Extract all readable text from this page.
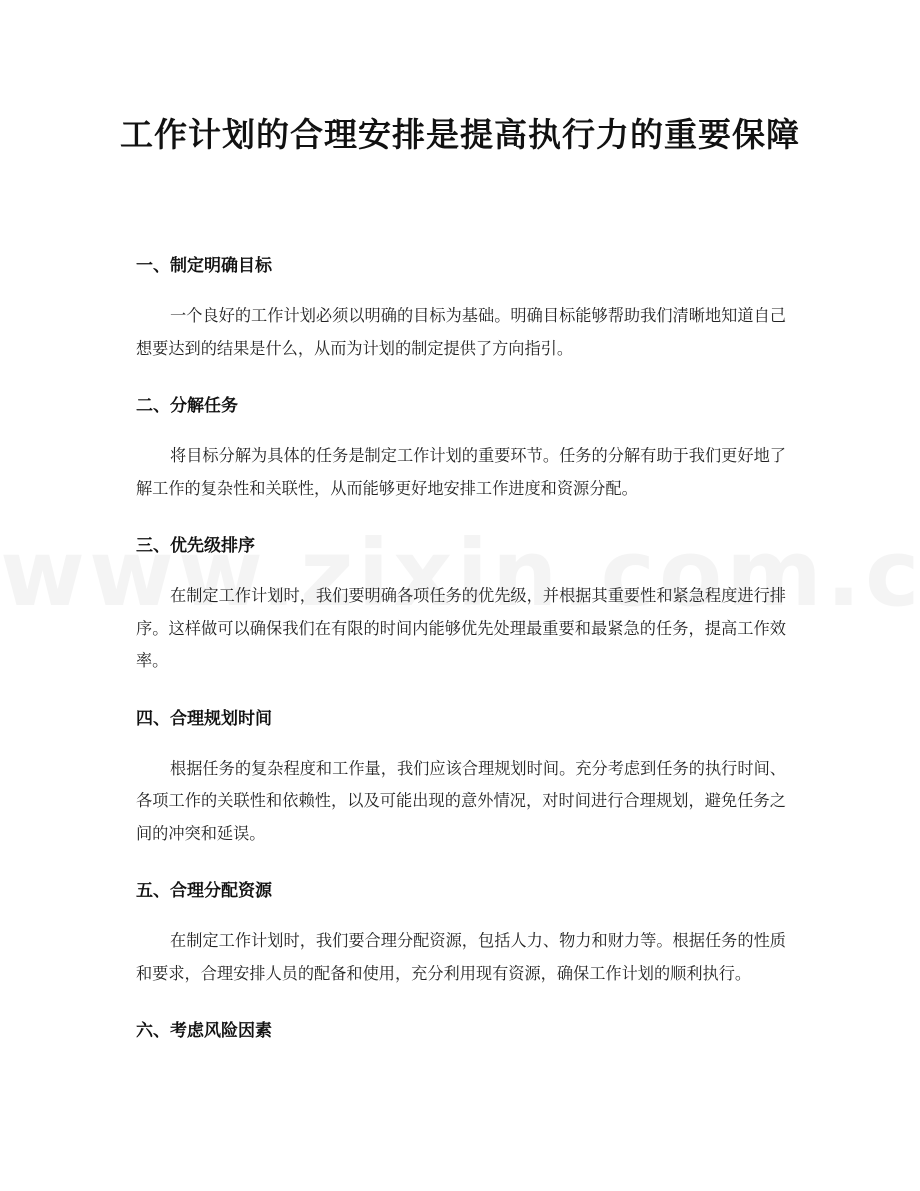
工作计划的合理安排是提高执行力的重要保障
一、制定明确目标

一个良好的工作计划必须以明确的目标为基础。明确目标能够帮助我们清晰地知道自己想要达到的结果是什么，从而为计划的制定提供了方向指引。

二、分解任务

将目标分解为具体的任务是制定工作计划的重要环节。任务的分解有助于我们更好地了解工作的复杂性和关联性，从而能够更好地安排工作进度和资源分配。

三、优先级排序

在制定工作计划时，我们要明确各项任务的优先级，并根据其重要性和紧急程度进行排序。这样做可以确保我们在有限的时间内能够优先处理最重要和最紧急的任务，提高工作效率。

四、合理规划时间

根据任务的复杂程度和工作量，我们应该合理规划时间。充分考虑到任务的执行时间、各项工作的关联性和依赖性，以及可能出现的意外情况，对时间进行合理规划，避免任务之间的冲突和延误。

五、合理分配资源

在制定工作计划时，我们要合理分配资源，包括人力、物力和财力等。根据任务的性质和要求，合理安排人员的配备和使用，充分利用现有资源，确保工作计划的顺利执行。

六、考虑风险因素
